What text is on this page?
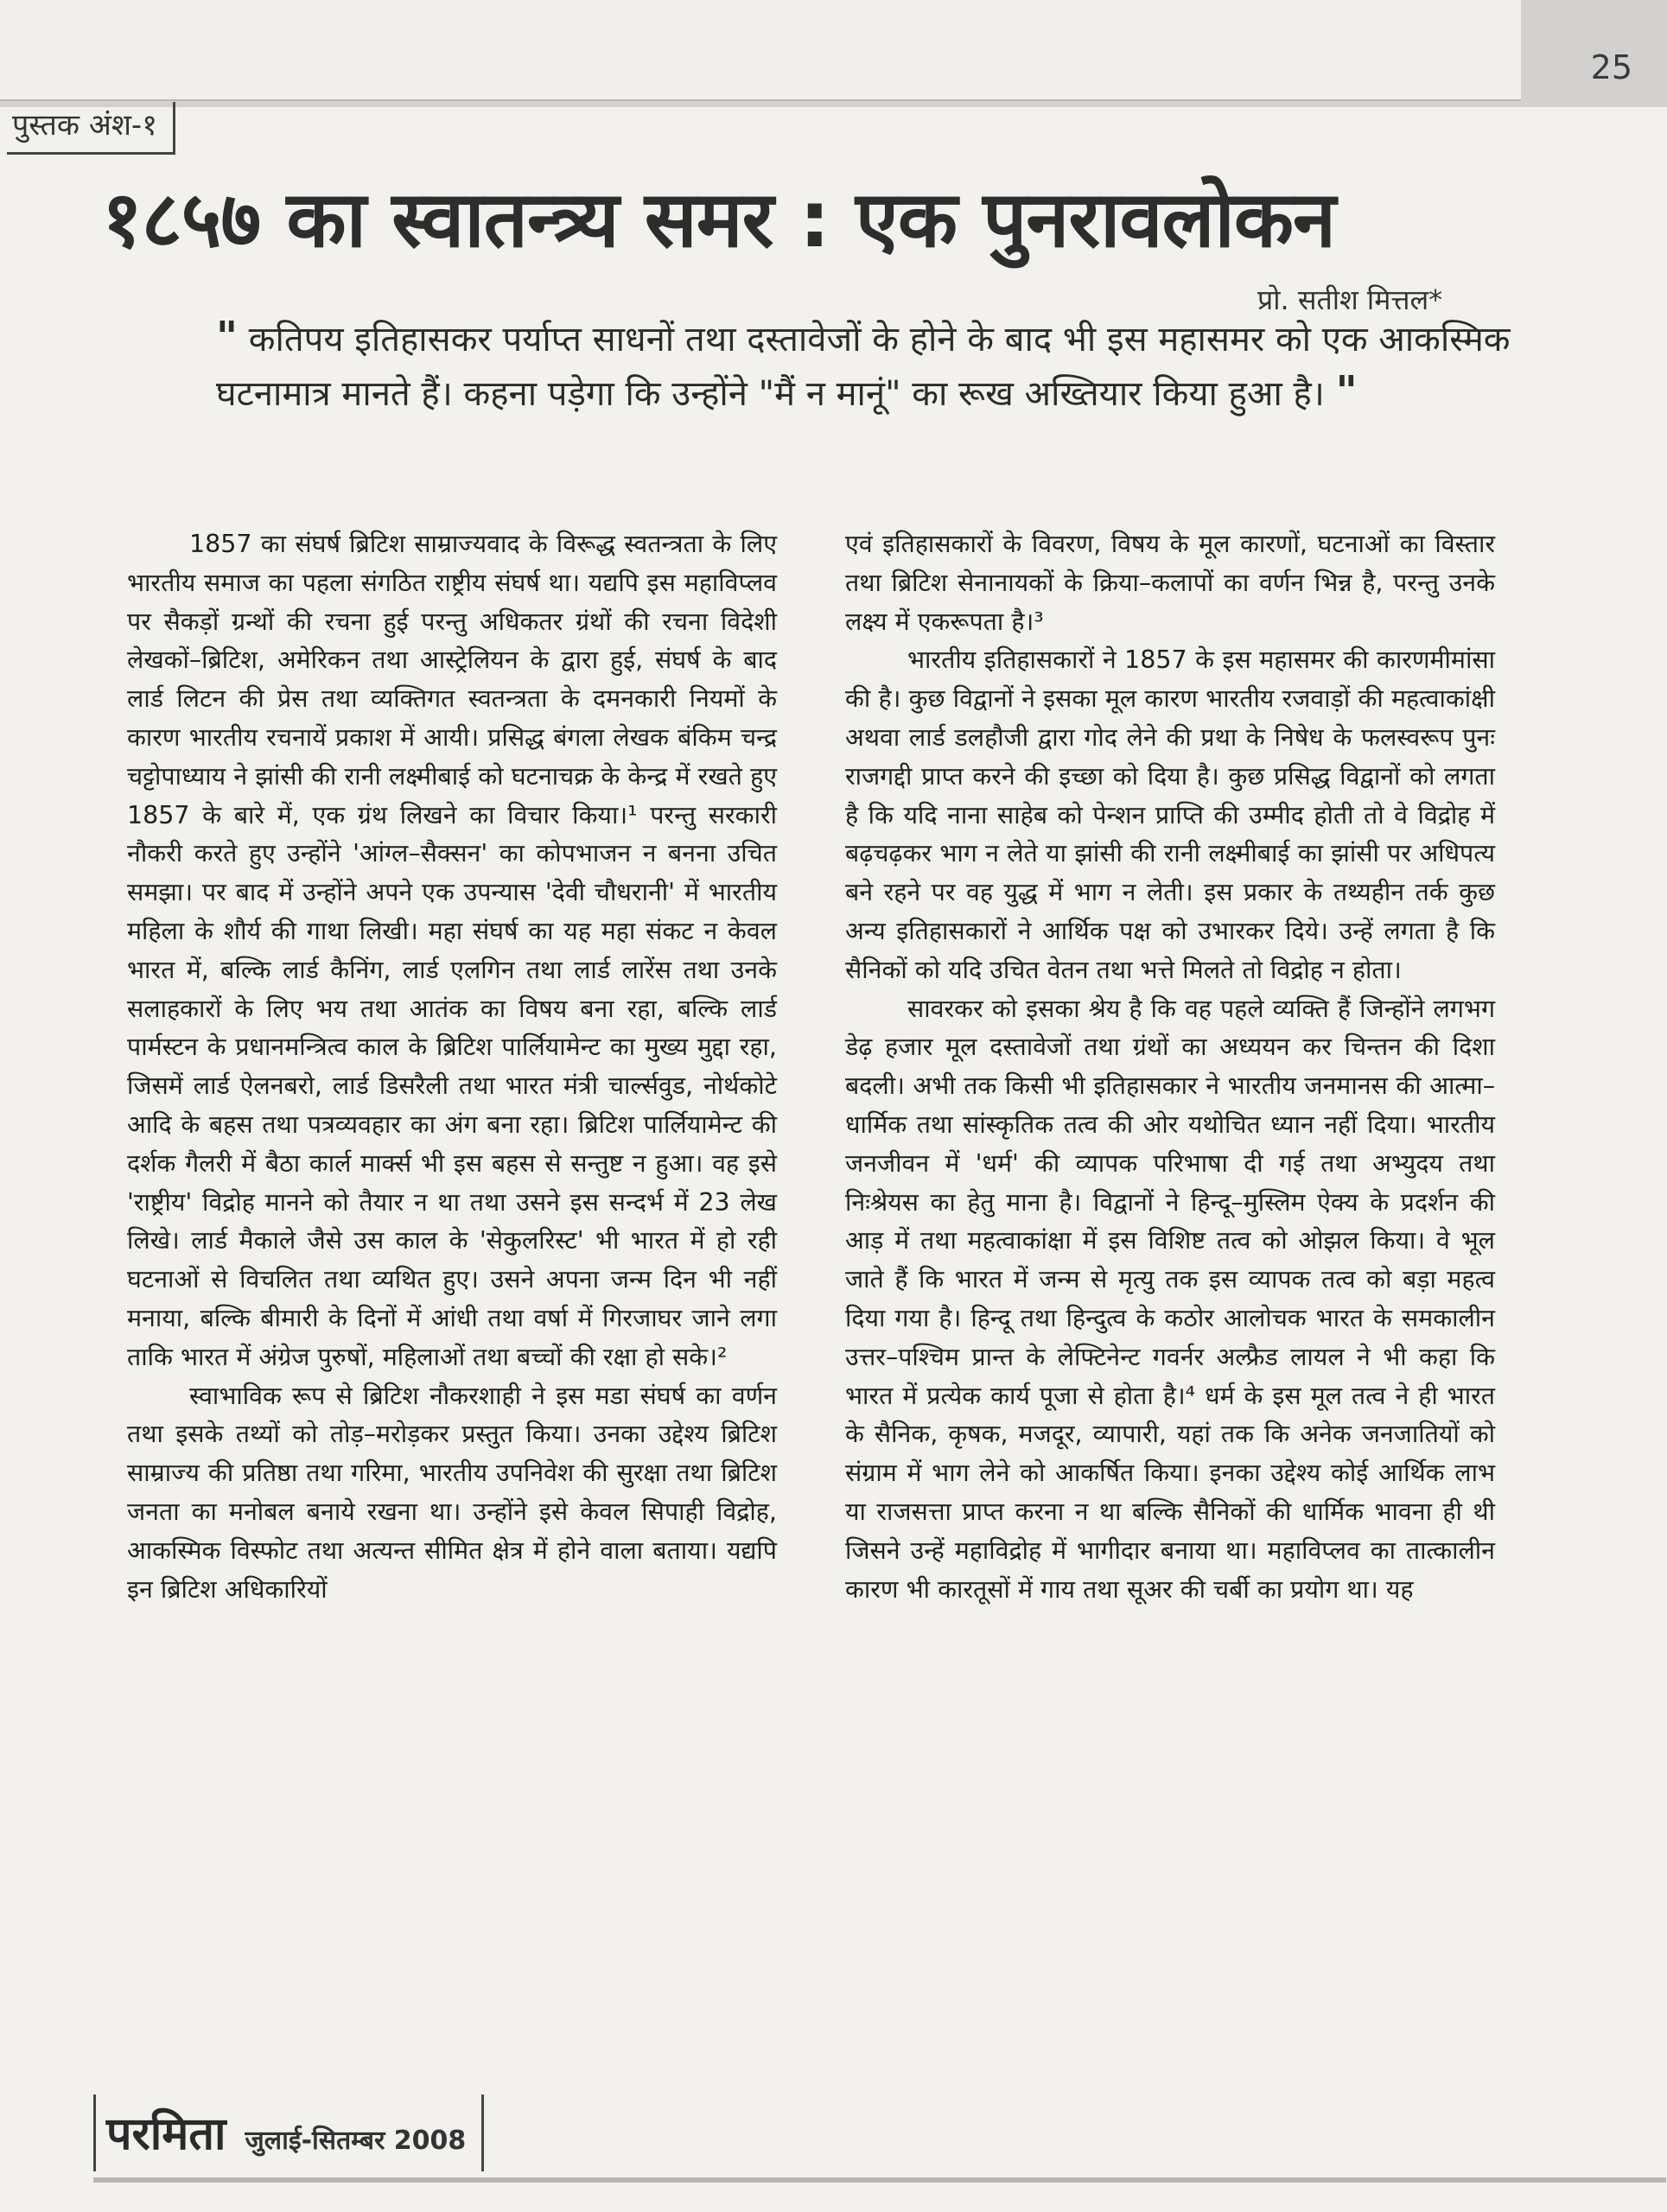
25
पुस्तक अंश-१
१८५७ का स्वातन्त्र्य समर : एक पुनरावलोकन
प्रो. सतीश मित्तल*
" कतिपय इतिहासकर पर्याप्त साधनों तथा दस्तावेजों के होने के बाद भी इस महासमर को एक आकस्मिक घटनामात्र मानते हैं। कहना पड़ेगा कि उन्होंने "मैं न मानूं" का रूख अख्तियार किया हुआ है। "

1857 का संघर्ष ब्रिटिश साम्राज्यवाद के विरूद्ध स्वतन्त्रता के लिए भारतीय समाज का पहला संगठित राष्ट्रीय संघर्ष था। यद्यपि इस महाविप्लव पर सैकड़ों ग्रन्थों की रचना हुई परन्तु अधिकतर ग्रंथों की रचना विदेशी लेखकों–ब्रिटिश, अमेरिकन तथा आस्ट्रेलियन के द्वारा हुई, संघर्ष के बाद लार्ड लिटन की प्रेस तथा व्यक्तिगत स्वतन्त्रता के दमनकारी नियमों के कारण भारतीय रचनायें प्रकाश में आयी। प्रसिद्ध बंगला लेखक बंकिम चन्द्र चट्टोपाध्याय ने झांसी की रानी लक्ष्मीबाई को घटनाचक्र के केन्द्र में रखते हुए 1857 के बारे में, एक ग्रंथ लिखने का विचार किया।¹ परन्तु सरकारी नौकरी करते हुए उन्होंने 'आंग्ल–सैक्सन' का कोपभाजन न बनना उचित समझा। पर बाद में उन्होंने अपने एक उपन्यास 'देवी चौधरानी' में भारतीय महिला के शौर्य की गाथा लिखी। महा संघर्ष का यह महा संकट न केवल भारत में, बल्कि लार्ड कैनिंग, लार्ड एलगिन तथा लार्ड लारेंस तथा उनके सलाहकारों के लिए भय तथा आतंक का विषय बना रहा, बल्कि लार्ड पार्मस्टन के प्रधानमन्त्रित्व काल के ब्रिटिश पार्लियामेन्ट का मुख्य मुद्दा रहा, जिसमें लार्ड ऐलनबरो, लार्ड डिसरैली तथा भारत मंत्री चार्ल्सवुड, नोर्थकोटे आदि के बहस तथा पत्रव्यवहार का अंग बना रहा। ब्रिटिश पार्लियामेन्ट की दर्शक गैलरी में बैठा कार्ल मार्क्स भी इस बहस से सन्तुष्ट न हुआ। वह इसे 'राष्ट्रीय' विद्रोह मानने को तैयार न था तथा उसने इस सन्दर्भ में 23 लेख लिखे। लार्ड मैकाले जैसे उस काल के 'सेकुलरिस्ट' भी भारत में हो रही घटनाओं से विचलित तथा व्यथित हुए। उसने अपना जन्म दिन भी नहीं मनाया, बल्कि बीमारी के दिनों में आंधी तथा वर्षा में गिरजाघर जाने लगा ताकि भारत में अंग्रेज पुरुषों, महिलाओं तथा बच्चों की रक्षा हो सके।²

स्वाभाविक रूप से ब्रिटिश नौकरशाही ने इस मडा संघर्ष का वर्णन तथा इसके तथ्यों को तोड़–मरोड़कर प्रस्तुत किया। उनका उद्देश्य ब्रिटिश साम्राज्य की प्रतिष्ठा तथा गरिमा, भारतीय उपनिवेश की सुरक्षा तथा ब्रिटिश जनता का मनोबल बनाये रखना था। उन्होंने इसे केवल सिपाही विद्रोह, आकस्मिक विस्फोट तथा अत्यन्त सीमित क्षेत्र में होने वाला बताया। यद्यपि इन ब्रिटिश अधिकारियों

एवं इतिहासकारों के विवरण, विषय के मूल कारणों, घटनाओं का विस्तार तथा ब्रिटिश सेनानायकों के क्रिया–कलापों का वर्णन भिन्न है, परन्तु उनके लक्ष्य में एकरूपता है।³

भारतीय इतिहासकारों ने 1857 के इस महासमर की कारणमीमांसा की है। कुछ विद्वानों ने इसका मूल कारण भारतीय रजवाड़ों की महत्वाकांक्षी अथवा लार्ड डलहौजी द्वारा गोद लेने की प्रथा के निषेध के फलस्वरूप पुनः राजगद्दी प्राप्त करने की इच्छा को दिया है। कुछ प्रसिद्ध विद्वानों को लगता है कि यदि नाना साहेब को पेन्शन प्राप्ति की उम्मीद होती तो वे विद्रोह में बढ़चढ़कर भाग न लेते या झांसी की रानी लक्ष्मीबाई का झांसी पर अधिपत्य बने रहने पर वह युद्ध में भाग न लेती। इस प्रकार के तथ्यहीन तर्क कुछ अन्य इतिहासकारों ने आर्थिक पक्ष को उभारकर दिये। उन्हें लगता है कि सैनिकों को यदि उचित वेतन तथा भत्ते मिलते तो विद्रोह न होता।

सावरकर को इसका श्रेय है कि वह पहले व्यक्ति हैं जिन्होंने लगभग डेढ़ हजार मूल दस्तावेजों तथा ग्रंथों का अध्ययन कर चिन्तन की दिशा बदली। अभी तक किसी भी इतिहासकार ने भारतीय जनमानस की आत्मा–धार्मिक तथा सांस्कृतिक तत्व की ओर यथोचित ध्यान नहीं दिया। भारतीय जनजीवन में 'धर्म' की व्यापक परिभाषा दी गई तथा अभ्युदय तथा निःश्रेयस का हेतु माना है। विद्वानों ने हिन्दू–मुस्लिम ऐक्य के प्रदर्शन की आड़ में तथा महत्वाकांक्षा में इस विशिष्ट तत्व को ओझल किया। वे भूल जाते हैं कि भारत में जन्म से मृत्यु तक इस व्यापक तत्व को बड़ा महत्व दिया गया है। हिन्दू तथा हिन्दुत्व के कठोर आलोचक भारत के समकालीन उत्तर–पश्चिम प्रान्त के लेफ्टिनेन्ट गवर्नर अल्फ्रैड लायल ने भी कहा कि भारत में प्रत्येक कार्य पूजा से होता है।⁴ धर्म के इस मूल तत्व ने ही भारत के सैनिक, कृषक, मजदूर, व्यापारी, यहां तक कि अनेक जनजातियों को संग्राम में भाग लेने को आकर्षित किया। इनका उद्देश्य कोई आर्थिक लाभ या राजसत्ता प्राप्त करना न था बल्कि सैनिकों की धार्मिक भावना ही थी जिसने उन्हें महाविद्रोह में भागीदार बनाया था। महाविप्लव का तात्कालीन कारण भी कारतूसों में गाय तथा सूअर की चर्बी का प्रयोग था। यह

परमिता जुलाई-सितम्बर 2008
